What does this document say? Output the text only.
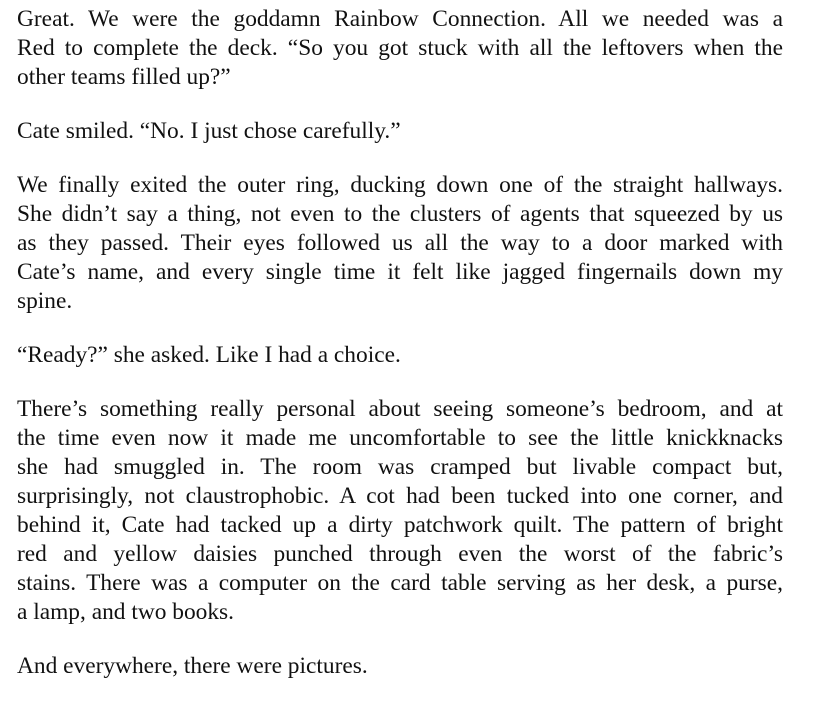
Great. We were the goddamn Rainbow Connection. All we needed was a
Red to complete the deck. “So you got stuck with all the leftovers when the
other teams filled up?”
Cate smiled. “No. I just chose carefully.”
We finally exited the outer ring, ducking down one of the straight hallways.
She didn’t say a thing, not even to the clusters of agents that squeezed by us
as they passed. Their eyes followed us all the way to a door marked with
Cate’s name, and every single time it felt like jagged fingernails down my
spine.
“Ready?” she asked. Like I had a choice.
There’s something really personal about seeing someone’s bedroom, and at
the time even now it made me uncomfortable to see the little knickknacks
she had smuggled in. The room was cramped but livable compact but,
surprisingly, not claustrophobic. A cot had been tucked into one corner, and
behind it, Cate had tacked up a dirty patchwork quilt. The pattern of bright
red and yellow daisies punched through even the worst of the fabric’s
stains. There was a computer on the card table serving as her desk, a purse,
a lamp, and two books.
And everywhere, there were pictures.
